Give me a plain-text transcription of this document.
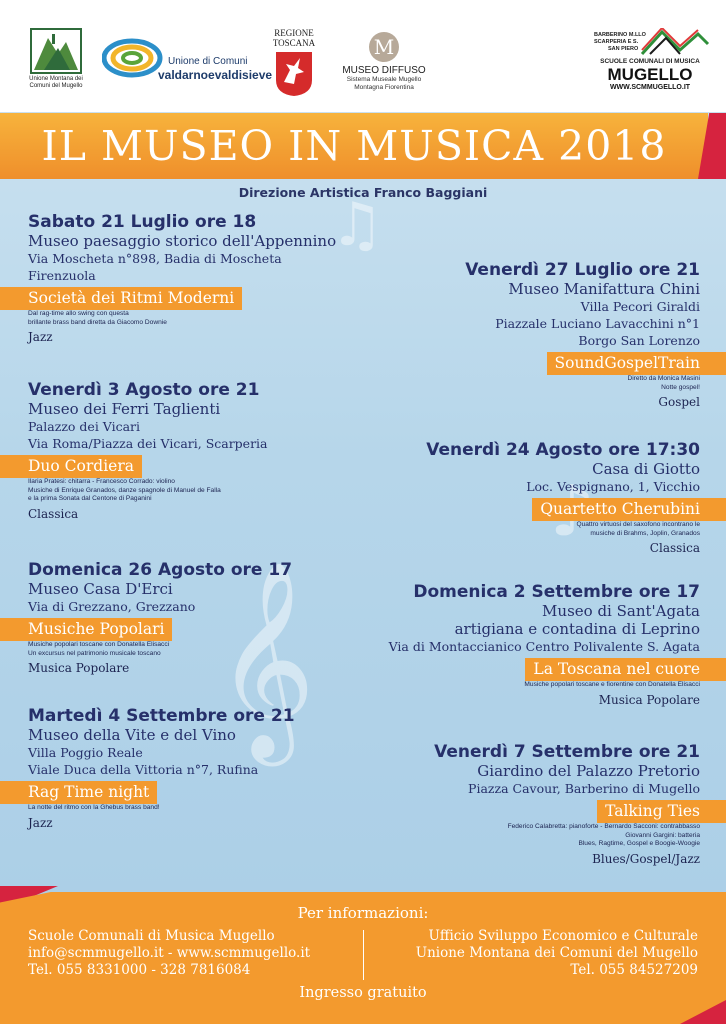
𝄞
♫
Unione Montana dei Comuni del Mugello
Unione di Comuni
valdarnoevaldisieve
REGIONE
TOSCANA	M
MUSEO DIFFUSO
Sistema Museale Mugello
Montagna Fiorentina
BARBERINO M.LLO
SCARPERIA E S.
SAN PIERO
SCUOLE COMUNALI DI MUSICA
MUGELLO
WWW.SCMMUGELLO.IT
IL MUSEO IN MUSICA 2018
Direzione Artistica Franco Baggiani
Sabato 21 Luglio ore 18
Museo paesaggio storico dell'Appennino
Via Moscheta n°898, Badia di Moscheta
Firenzuola
Società dei Ritmi Moderni
Dal rag-time allo swing con questa
brillante brass band diretta da Giacomo Downie
Jazz
Venerdì 27 Luglio ore 21
Museo Manifattura Chini
Villa Pecori Giraldi
Piazzale Luciano Lavacchini n°1
Borgo San Lorenzo
SoundGospelTrain
Diretto da Monica Masini
Notte gospel!
Gospel
Venerdì 3 Agosto ore 21
Museo dei Ferri Taglienti
Palazzo dei Vicari
Via Roma/Piazza dei Vicari, Scarperia
Duo Cordiera
Ilaria Pratesi: chitarra - Francesco Corrado: violino
Musiche di Enrique Granados, danze spagnole di Manuel de Falla
e la prima Sonata dal Centone di Paganini
Classica
Venerdì 24 Agosto ore 17:30
Casa di Giotto
Loc. Vespignano, 1, Vicchio
Quartetto Cherubini
Quattro virtuosi del saxofono incontrano le
musiche di Brahms, Joplin, Granados
Classica
Domenica 26 Agosto ore 17
Museo Casa D'Erci
Via di Grezzano, Grezzano
Musiche Popolari
Musiche popolari toscane con Donatella Elisacci
Un excursus nel patrimonio musicale toscano
Musica Popolare
Domenica 2 Settembre ore 17
Museo di Sant'Agata
artigiana e contadina di Leprino
Via di Montaccianico Centro Polivalente S. Agata
La Toscana nel cuore
Musiche popolari toscane e fiorentine con Donatella Elisacci
Musica Popolare
Martedì 4 Settembre ore 21
Museo della Vite e del Vino
Villa Poggio Reale
Viale Duca della Vittoria n°7, Rufina
Rag Time night
La notte del ritmo con la Ghebus brass band!
Jazz
Venerdì 7 Settembre ore 21
Giardino del Palazzo Pretorio
Piazza Cavour, Barberino di Mugello
Talking Ties
Federico Calabretta: pianoforte - Bernardo Sacconi: contrabbasso
Giovanni Gargini: batteria
Blues, Ragtime, Gospel e Boogie-Woogie
Blues/Gospel/Jazz
Per informazioni:
Scuole Comunali di Musica Mugello
info@scmmugello.it - www.scmmugello.it
Tel. 055 8331000 - 328 7816084
Ufficio Sviluppo Economico e Culturale
Unione Montana dei Comuni del Mugello
Tel. 055 84527209
Ingresso gratuito
